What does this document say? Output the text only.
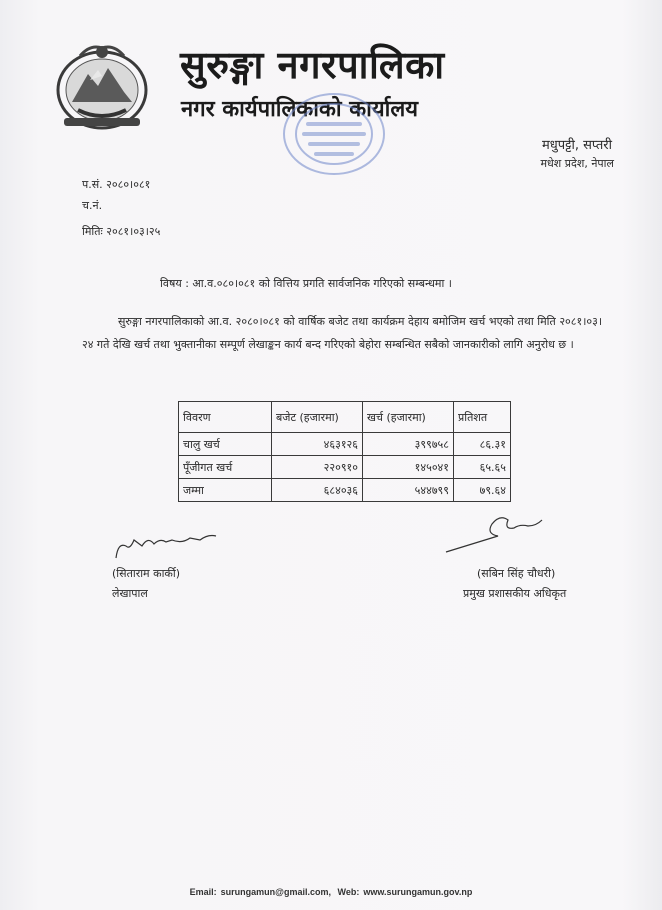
सुरुङ्गा नगरपालिका
नगर कार्यपालिकाको कार्यालय
मधुपट्टी, सप्तरी
मधेश प्रदेश, नेपाल
प.सं. २०८०।०८१
च.नं.
मितिः २०८१।०३।२५
विषय : आ.व.०८०।०८१ को वित्तिय प्रगति सार्वजनिक गरिएको सम्बन्धमा ।
सुरुङ्गा नगरपालिकाको आ.व. २०८०।०८१ को वार्षिक बजेट तथा कार्यक्रम देहाय बमोजिम खर्च भएको तथा मिति २०८१।०३।२४ गते देखि खर्च तथा भुक्तानीका सम्पूर्ण लेखाङ्कन कार्य बन्द गरिएको बेहोरा सम्बन्धित सबैको जानकारीको लागि अनुरोध छ ।
विवरण	बजेट (हजारमा)	खर्च (हजारमा)	प्रतिशत
चालु खर्च	४६३१२६	३९९७५८	८६.३१
पूँजीगत खर्च	२२०९१०	१४५०४१	६५.६५
जम्मा	६८४०३६	५४४७९९	७९.६४
(सिताराम कार्की)
लेखापाल
(सबिन सिंह चौधरी)
प्रमुख प्रशासकीय अधिकृत
Email: surungamun@gmail.com, Web: www.surungamun.gov.np
